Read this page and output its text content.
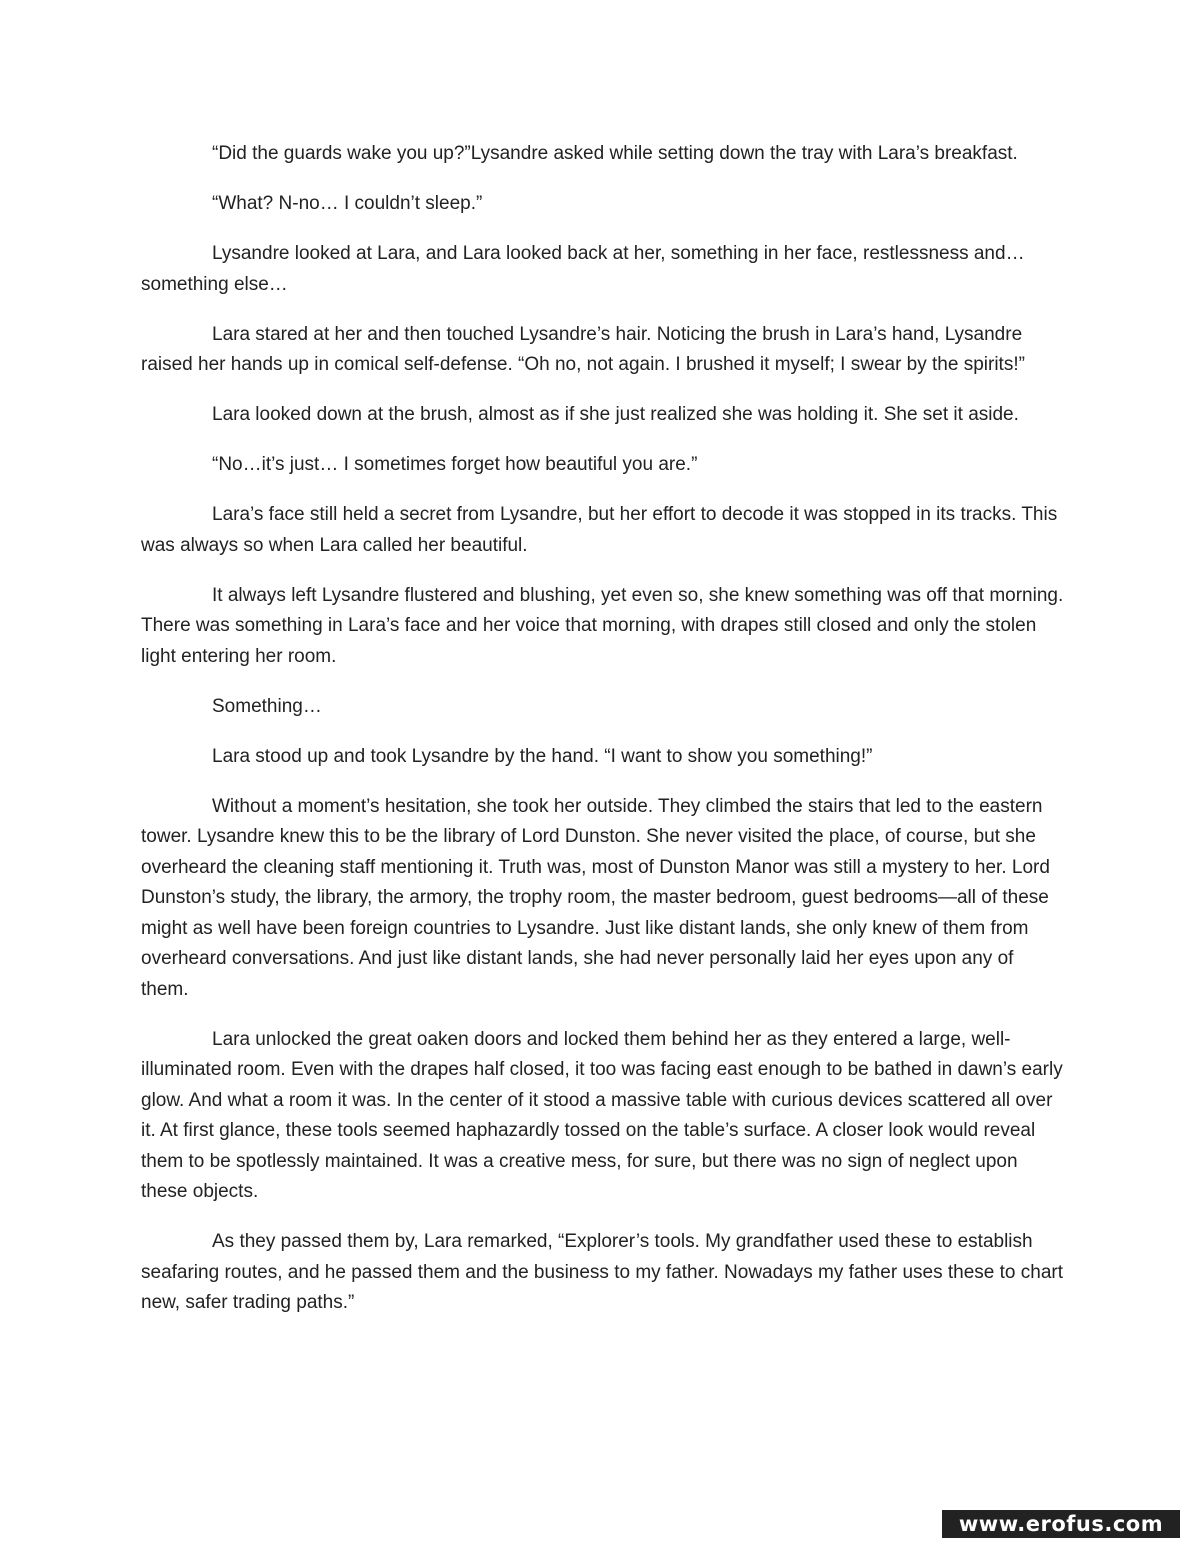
“Did the guards wake you up?”Lysandre asked while setting down the tray with Lara’s breakfast.

“What? N-no… I couldn’t sleep.”

Lysandre looked at Lara, and Lara looked back at her, something in her face, restlessness and…something else…

Lara stared at her and then touched Lysandre’s hair. Noticing the brush in Lara’s hand, Lysandre raised her hands up in comical self-defense. “Oh no, not again. I brushed it myself; I swear by the spirits!”

Lara looked down at the brush, almost as if she just realized she was holding it. She set it aside.

“No…it’s just… I sometimes forget how beautiful you are.”

Lara’s face still held a secret from Lysandre, but her effort to decode it was stopped in its tracks. This was always so when Lara called her beautiful.

It always left Lysandre flustered and blushing, yet even so, she knew something was off that morning. There was something in Lara’s face and her voice that morning, with drapes still closed and only the stolen light entering her room.

Something…

Lara stood up and took Lysandre by the hand. “I want to show you something!”

Without a moment’s hesitation, she took her outside. They climbed the stairs that led to the eastern tower. Lysandre knew this to be the library of Lord Dunston. She never visited the place, of course, but she overheard the cleaning staff mentioning it. Truth was, most of Dunston Manor was still a mystery to her. Lord Dunston’s study, the library, the armory, the trophy room, the master bedroom, guest bedrooms—all of these might as well have been foreign countries to Lysandre. Just like distant lands, she only knew of them from overheard conversations. And just like distant lands, she had never personally laid her eyes upon any of them.

Lara unlocked the great oaken doors and locked them behind her as they entered a large, well-illuminated room. Even with the drapes half closed, it too was facing east enough to be bathed in dawn’s early glow. And what a room it was. In the center of it stood a massive table with curious devices scattered all over it. At first glance, these tools seemed haphazardly tossed on the table’s surface. A closer look would reveal them to be spotlessly maintained. It was a creative mess, for sure, but there was no sign of neglect upon these objects.

As they passed them by, Lara remarked, “Explorer’s tools. My grandfather used these to establish seafaring routes, and he passed them and the business to my father. Nowadays my father uses these to chart new, safer trading paths.”

www.erofus.com
